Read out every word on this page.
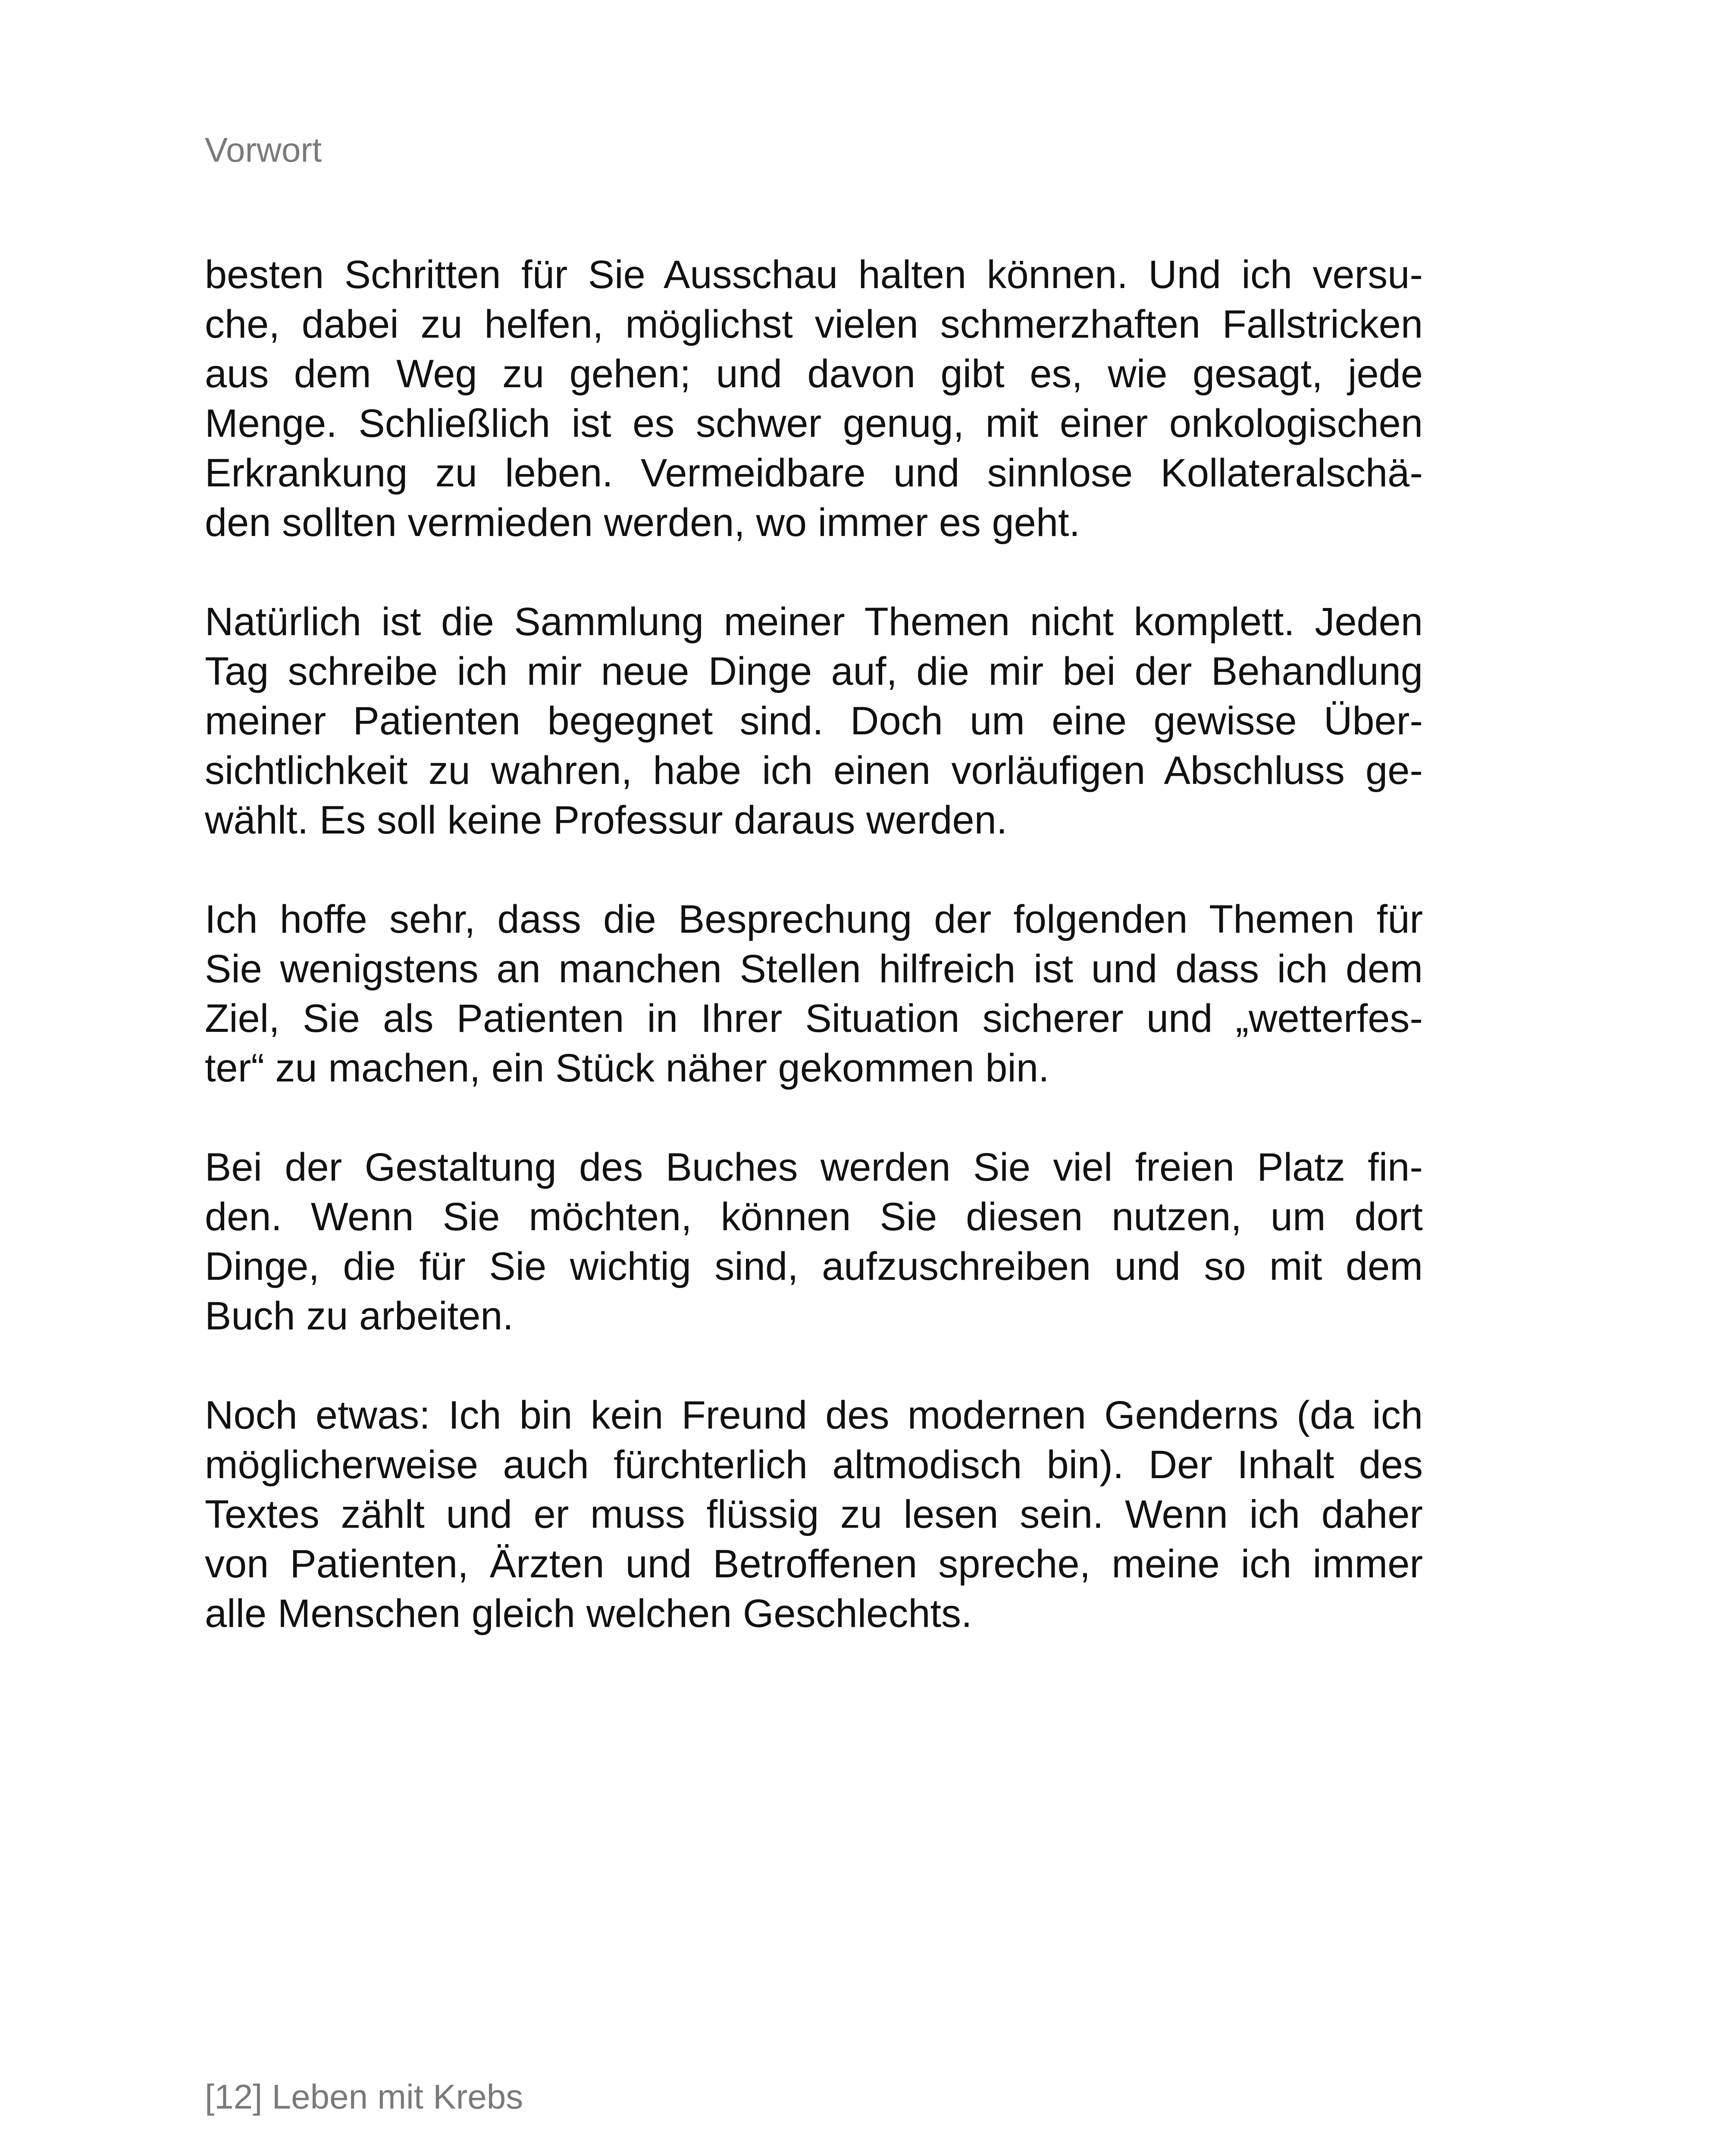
Vorwort
besten Schritten für Sie Ausschau halten können. Und ich versu-
che, dabei zu helfen, möglichst vielen schmerzhaften Fallstricken
aus dem Weg zu gehen; und davon gibt es, wie gesagt, jede
Menge. Schließlich ist es schwer genug, mit einer onkologischen
Erkrankung zu leben. Vermeidbare und sinnlose Kollateralschä-
den sollten vermieden werden, wo immer es geht.
Natürlich ist die Sammlung meiner Themen nicht komplett. Jeden
Tag schreibe ich mir neue Dinge auf, die mir bei der Behandlung
meiner Patienten begegnet sind. Doch um eine gewisse Über-
sichtlichkeit zu wahren, habe ich einen vorläufigen Abschluss ge-
wählt. Es soll keine Professur daraus werden.
Ich hoffe sehr, dass die Besprechung der folgenden Themen für
Sie wenigstens an manchen Stellen hilfreich ist und dass ich dem
Ziel, Sie als Patienten in Ihrer Situation sicherer und „wetterfes-
ter“ zu machen, ein Stück näher gekommen bin.
Bei der Gestaltung des Buches werden Sie viel freien Platz fin-
den. Wenn Sie möchten, können Sie diesen nutzen, um dort
Dinge, die für Sie wichtig sind, aufzuschreiben und so mit dem
Buch zu arbeiten.
Noch etwas: Ich bin kein Freund des modernen Genderns (da ich
möglicherweise auch fürchterlich altmodisch bin). Der Inhalt des
Textes zählt und er muss flüssig zu lesen sein. Wenn ich daher
von Patienten, Ärzten und Betroffenen spreche, meine ich immer
alle Menschen gleich welchen Geschlechts.
[12] Leben mit Krebs
